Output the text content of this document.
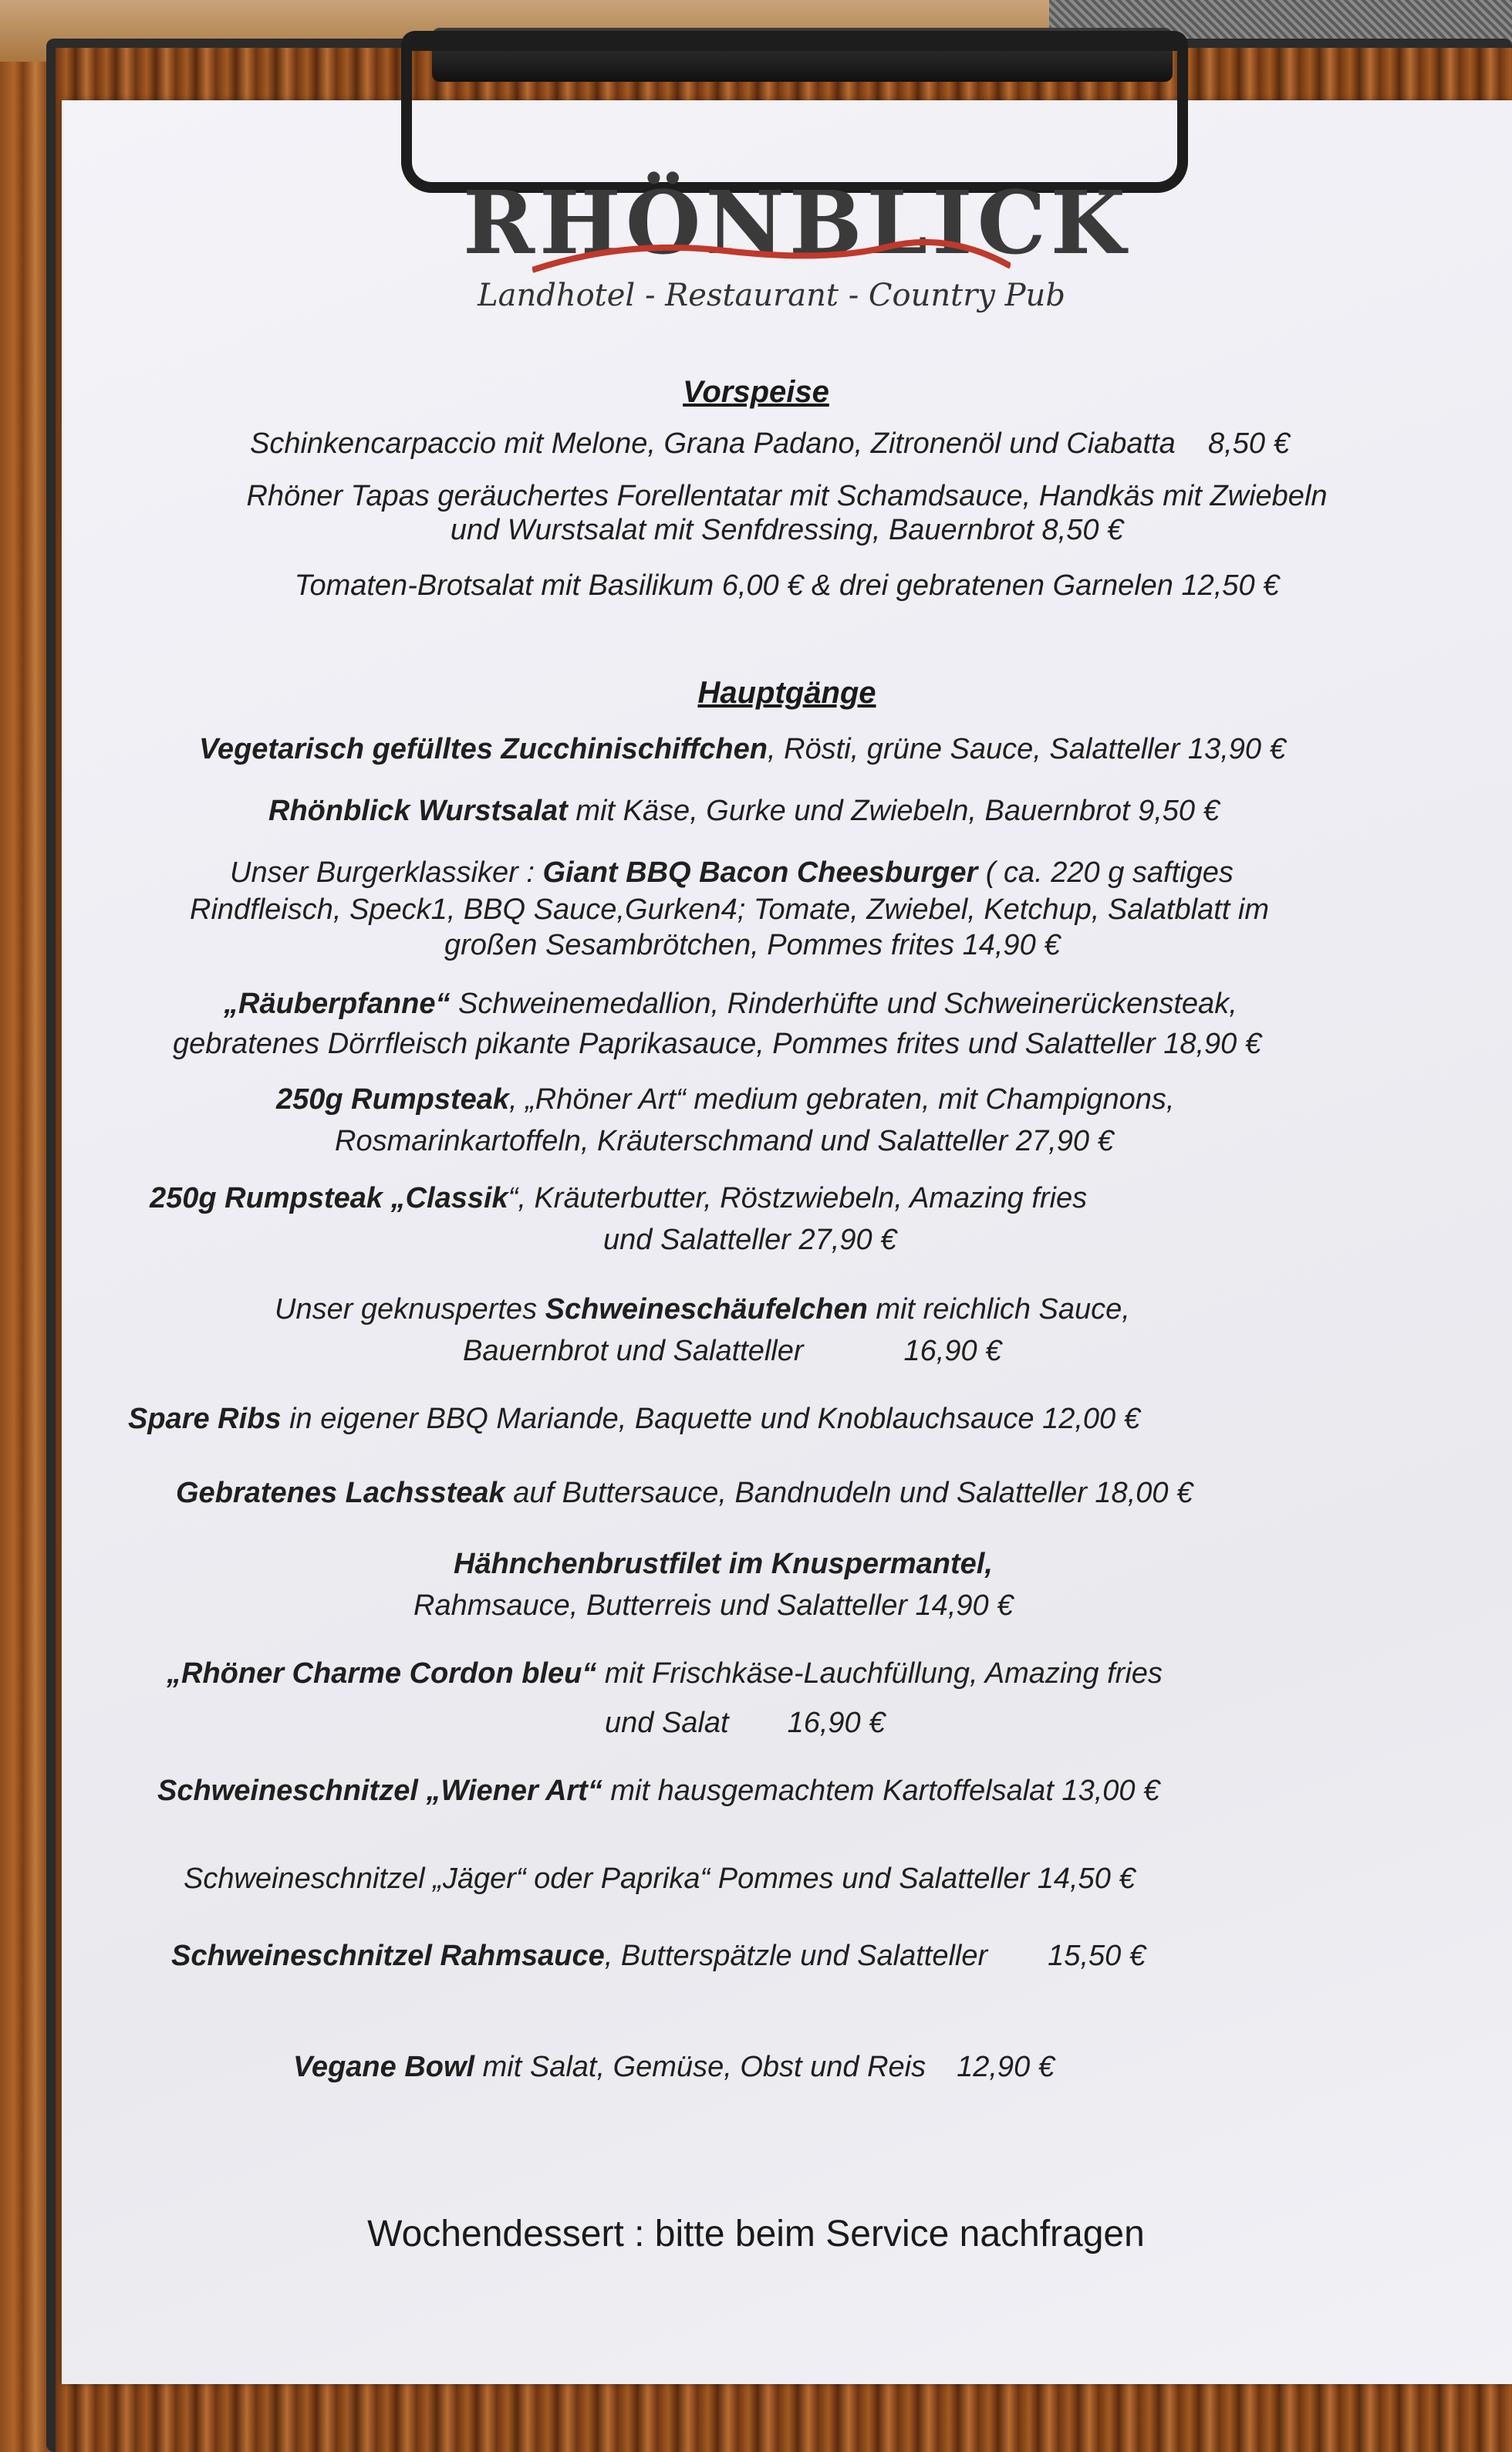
RHÖNBLICK
Landhotel - Restaurant - Country Pub
Vorspeise
Schinkencarpaccio mit Melone, Grana Padano, Zitronenöl und Ciabatta 8,50 €
Rhöner Tapas geräuchertes Forellentatar mit Schamdsauce, Handkäs mit Zwiebeln
und Wurstsalat mit Senfdressing, Bauernbrot 8,50 €
Tomaten-Brotsalat mit Basilikum 6,00 € & drei gebratenen Garnelen 12,50 €
Hauptgänge
Vegetarisch gefülltes Zucchinischiffchen, Rösti, grüne Sauce, Salatteller 13,90 €
Rhönblick Wurstsalat mit Käse, Gurke und Zwiebeln, Bauernbrot 9,50 €
Unser Burgerklassiker : Giant BBQ Bacon Cheesburger ( ca. 220 g saftiges
Rindfleisch, Speck1, BBQ Sauce,Gurken4; Tomate, Zwiebel, Ketchup, Salatblatt im
großen Sesambrötchen, Pommes frites 14,90 €
„Räuberpfanne“ Schweinemedallion, Rinderhüfte und Schweinerückensteak,
gebratenes Dörrfleisch pikante Paprikasauce, Pommes frites und Salatteller 18,90 €
250g Rumpsteak, „Rhöner Art“ medium gebraten, mit Champignons,
Rosmarinkartoffeln, Kräuterschmand und Salatteller 27,90 €
250g Rumpsteak „Classik“, Kräuterbutter, Röstzwiebeln, Amazing fries
und Salatteller 27,90 €
Unser geknuspertes Schweineschäufelchen mit reichlich Sauce,
Bauernbrot und Salatteller	16,90 €
Spare Ribs in eigener BBQ Mariande, Baquette und Knoblauchsauce 12,00 €
Gebratenes Lachssteak auf Buttersauce, Bandnudeln und Salatteller 18,00 €
Hähnchenbrustfilet im Knuspermantel,
Rahmsauce, Butterreis und Salatteller 14,90 €
„Rhöner Charme Cordon bleu“ mit Frischkäse-Lauchfüllung, Amazing fries
und Salat 16,90 €
Schweineschnitzel „Wiener Art“ mit hausgemachtem Kartoffelsalat 13,00 €
Schweineschnitzel „Jäger“ oder Paprika“ Pommes und Salatteller 14,50 €
Schweineschnitzel Rahmsauce, Butterspätzle und Salatteller 15,50 €
Vegane Bowl mit Salat, Gemüse, Obst und Reis 12,90 €
Wochendessert : bitte beim Service nachfragen
